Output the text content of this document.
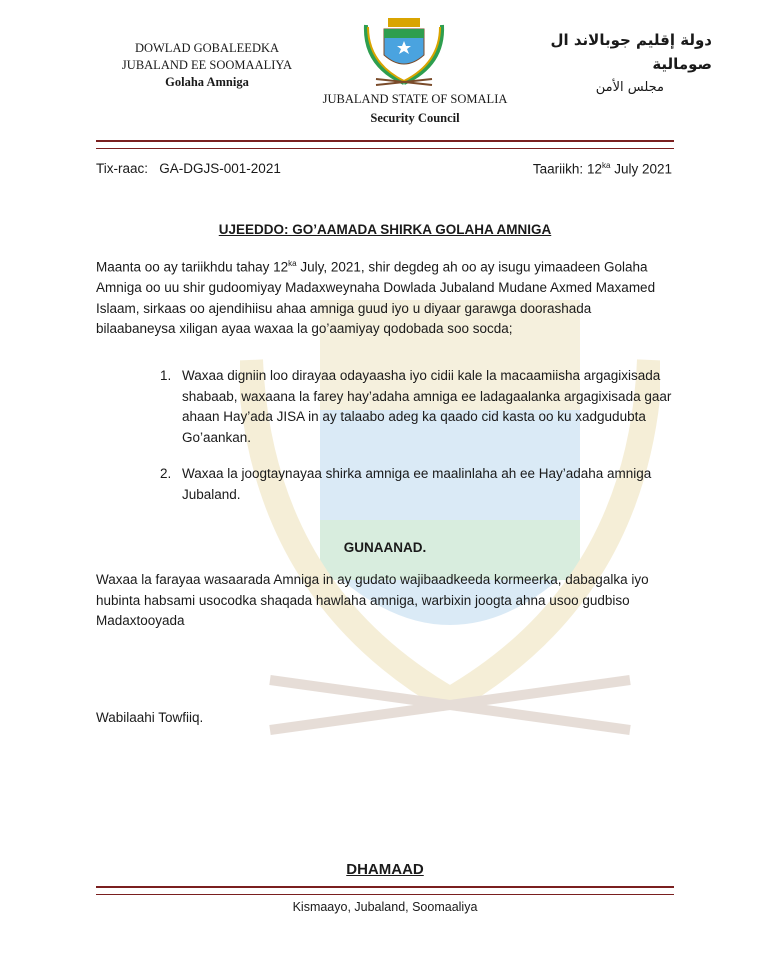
DOWLAD GOBALEEDKA
JUBALAND EE SOOMAALIYA
Golaha Amniga
JUBALAND STATE OF SOMALIA
Security Council
دولة إقليم جوبالاند ال صومالية
مجلس الأمن
Tix-raac: GA-DGJS-001-2021	Taariikh: $12^{ka}$ July 2021
UJEEDDO: GO’AAMADA SHIRKA GOLAHA AMNIGA
Maanta oo ay tariikhdu tahay $12^{ka}$ July, 2021, shir degdeg ah oo ay isugu yimaadeen Golaha Amniga oo uu shir gudoomiyay Madaxweynaha Dowlada Jubaland Mudane Axmed Maxamed Islaam, sirkaas oo ajendihiisu ahaa amniga guud iyo u diyaar garawga doorashada bilaabaneysa xiligan ayaa waxaa la go’aamiyay qodobada soo socda;
1. Waxaa digniin loo dirayaa odayaasha iyo cidii kale la macaamiisha argagixisada shabaab, waxaana la farey hay’adaha amniga ee ladagaalanka argagixisada gaar ahaan Hay’ada JISA in ay talaabo adeg ka qaado cid kasta oo ku xadgudubta Go’aankan.
2. Waxaa la joogtaynayaa shirka amniga ee maalinlaha ah ee Hay’adaha amniga Jubaland.
GUNAANAD.
Waxaa la farayaa wasaarada Amniga in ay gudato wajibaadkeeda kormeerka, dabagalka iyo hubinta habsami usocodka shaqada hawlaha amniga, warbixin joogta ahna usoo gudbiso Madaxtooyada
Wabilaahi Towfiiq.
DHAMAAD
Kismaayo, Jubaland, Soomaaliya
